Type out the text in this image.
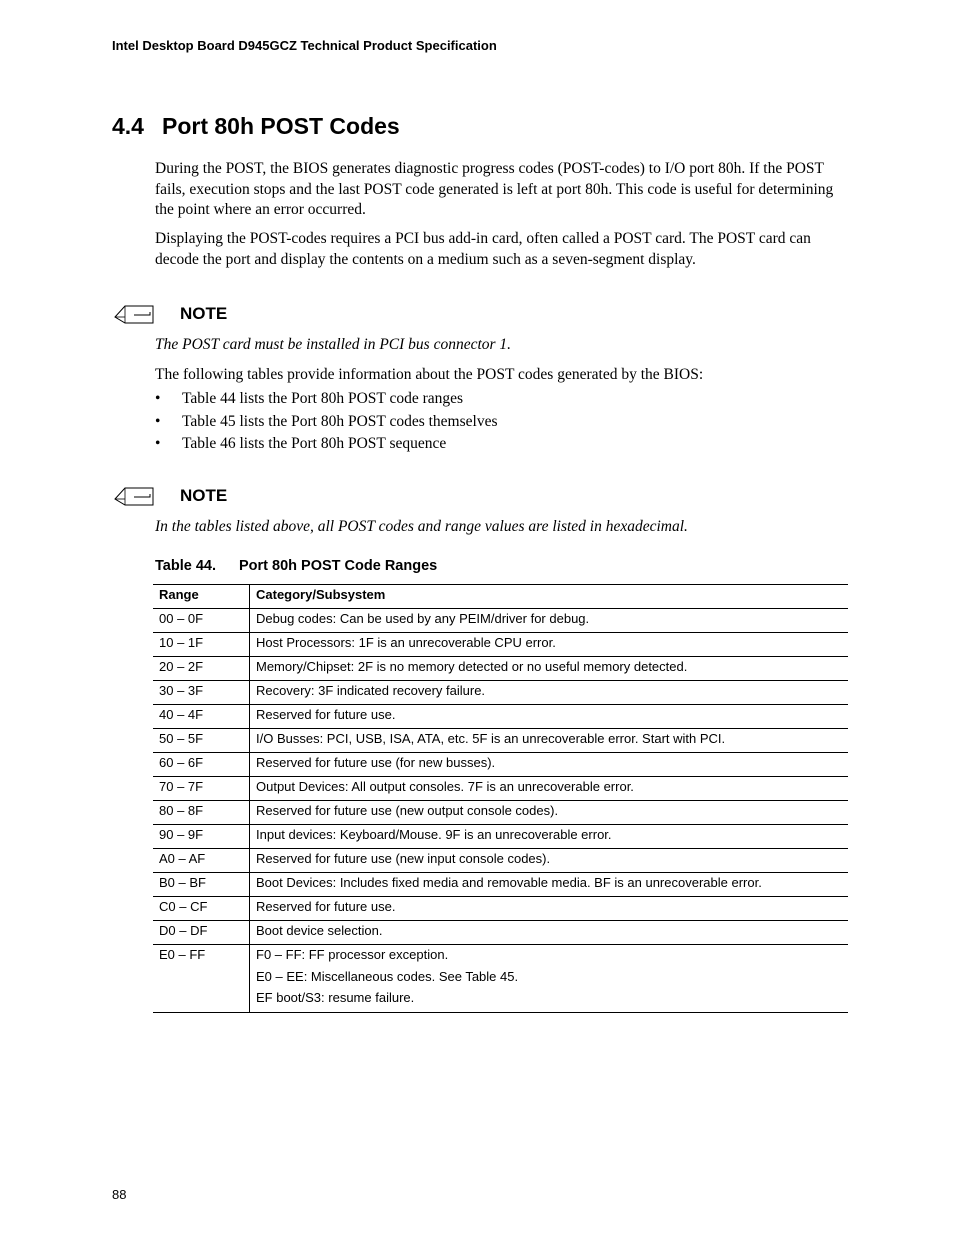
Intel Desktop Board D945GCZ Technical Product Specification
4.4 Port 80h POST Codes

During the POST, the BIOS generates diagnostic progress codes (POST-codes) to I/O port 80h. If the POST fails, execution stops and the last POST code generated is left at port 80h. This code is useful for determining the point where an error occurred.

Displaying the POST-codes requires a PCI bus add-in card, often called a POST card. The POST card can decode the port and display the contents on a medium such as a seven-segment display.

NOTE

The POST card must be installed in PCI bus connector 1.

The following tables provide information about the POST codes generated by the BIOS:

• Table 44 lists the Port 80h POST code ranges
• Table 45 lists the Port 80h POST codes themselves
• Table 46 lists the Port 80h POST sequence
NOTE

In the tables listed above, all POST codes and range values are listed in hexadecimal.

Table 44. Port 80h POST Code Ranges
Range	Category/Subsystem
00 – 0F	Debug codes: Can be used by any PEIM/driver for debug.
10 – 1F	Host Processors: 1F is an unrecoverable CPU error.
20 – 2F	Memory/Chipset: 2F is no memory detected or no useful memory detected.
30 – 3F	Recovery: 3F indicated recovery failure.
40 – 4F	Reserved for future use.
50 – 5F	I/O Busses: PCI, USB, ISA, ATA, etc. 5F is an unrecoverable error. Start with PCI.
60 – 6F	Reserved for future use (for new busses).
70 – 7F	Output Devices: All output consoles. 7F is an unrecoverable error.
80 – 8F	Reserved for future use (new output console codes).
90 – 9F	Input devices: Keyboard/Mouse. 9F is an unrecoverable error.
A0 – AF	Reserved for future use (new input console codes).
B0 – BF	Boot Devices: Includes fixed media and removable media. BF is an unrecoverable error.
C0 – CF	Reserved for future use.
D0 – DF	Boot device selection.
E0 – FF	F0 – FF: FF processor exception.
E0 – EE: Miscellaneous codes. See Table 45.
EF boot/S3: resume failure.
88
